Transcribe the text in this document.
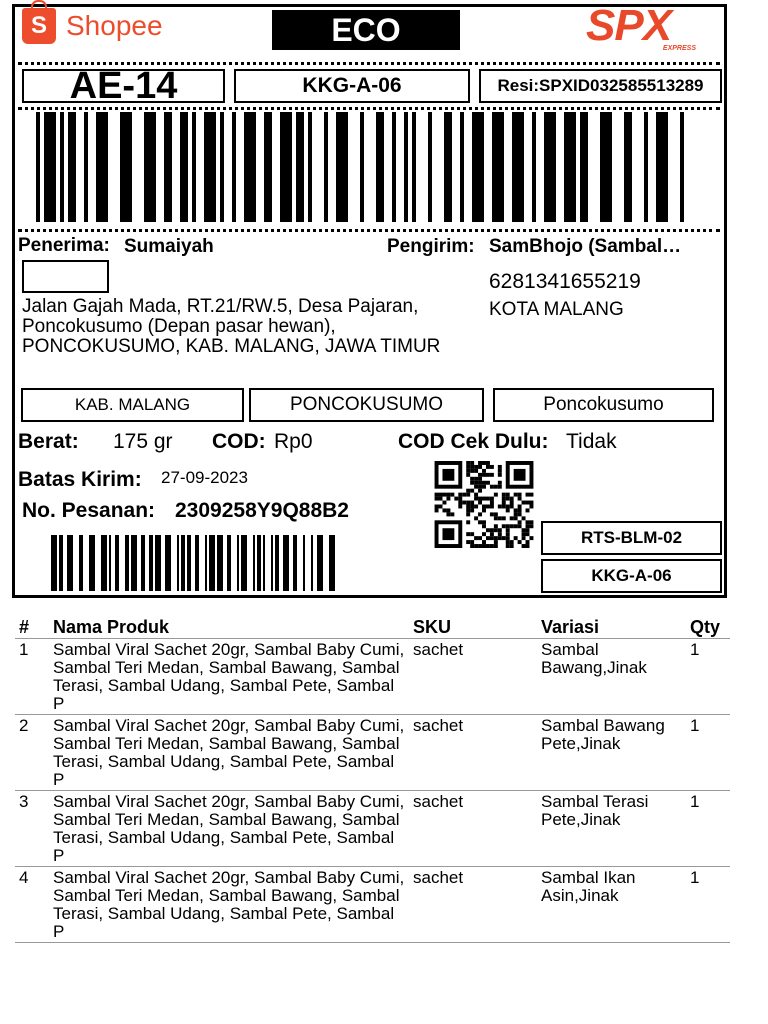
S Shopee	ECO	SPX
EXPRESS
AE-14	KKG-A-06	Resi:SPXID032585513289
Penerima: Sumaiyah
Jalan Gajah Mada, RT.21/RW.5, Desa Pajaran, Poncokusumo (Depan pasar hewan), PONCOKUSUMO, KAB. MALANG, JAWA TIMUR
Pengirim: SamBhojo (Sambal…
6281341655219
KOTA MALANG
KAB. MALANG	PONCOKUSUMO	Poncokusumo
Berat: 175 gr COD: Rp0	COD Cek Dulu: Tidak
Batas Kirim: 27-09-2023
No. Pesanan: 2309258Y9Q88B2
RTS-BLM-02
KKG-A-06
#	Nama Produk	SKU	Variasi	Qty
1	Sambal Viral Sachet 20gr, Sambal Baby Cumi, Sambal Teri Medan, Sambal Bawang, Sambal Terasi, Sambal Udang, Sambal Pete, Sambal P	sachet	Sambal Bawang,Jinak	1
2	Sambal Viral Sachet 20gr, Sambal Baby Cumi, Sambal Teri Medan, Sambal Bawang, Sambal Terasi, Sambal Udang, Sambal Pete, Sambal P	sachet	Sambal Bawang Pete,Jinak	1
3	Sambal Viral Sachet 20gr, Sambal Baby Cumi, Sambal Teri Medan, Sambal Bawang, Sambal Terasi, Sambal Udang, Sambal Pete, Sambal P	sachet	Sambal Terasi Pete,Jinak	1
4	Sambal Viral Sachet 20gr, Sambal Baby Cumi, Sambal Teri Medan, Sambal Bawang, Sambal Terasi, Sambal Udang, Sambal Pete, Sambal P	sachet	Sambal Ikan Asin,Jinak	1
